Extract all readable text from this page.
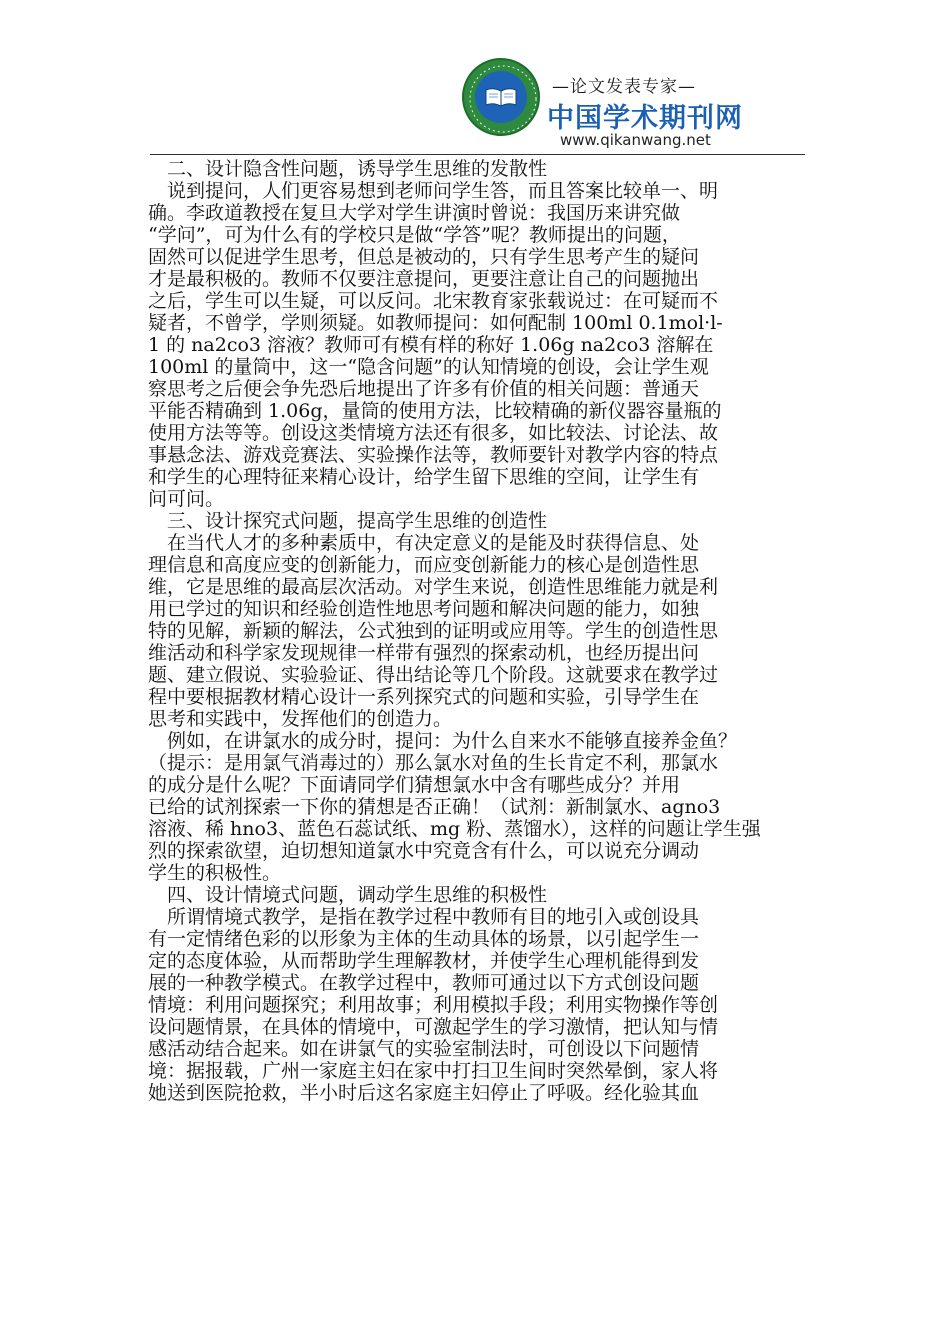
—论文发表专家—
中国学术期刊网
www.qikanwang.net
　二、设计隐含性问题，诱导学生思维的发散性
　说到提问，人们更容易想到老师问学生答，而且答案比较单一、明
确。李政道教授在复旦大学对学生讲演时曾说：我国历来讲究做
“学问”，可为什么有的学校只是做“学答”呢？教师提出的问题，
固然可以促进学生思考，但总是被动的，只有学生思考产生的疑问
才是最积极的。教师不仅要注意提问，更要注意让自己的问题抛出
之后，学生可以生疑，可以反问。北宋教育家张载说过：在可疑而不
疑者，不曾学，学则须疑。如教师提问：如何配制 100ml 0.1mol·l-
1 的 na2co3 溶液？教师可有模有样的称好 1.06g na2co3 溶解在
100ml 的量筒中，这一“隐含问题”的认知情境的创设，会让学生观
察思考之后便会争先恐后地提出了许多有价值的相关问题：普通天
平能否精确到 1.06g，量筒的使用方法，比较精确的新仪器容量瓶的
使用方法等等。创设这类情境方法还有很多，如比较法、讨论法、故
事悬念法、游戏竞赛法、实验操作法等，教师要针对教学内容的特点
和学生的心理特征来精心设计，给学生留下思维的空间，让学生有
问可问。
　三、设计探究式问题，提高学生思维的创造性
　在当代人才的多种素质中，有决定意义的是能及时获得信息、处
理信息和高度应变的创新能力，而应变创新能力的核心是创造性思
维，它是思维的最高层次活动。对学生来说，创造性思维能力就是利
用已学过的知识和经验创造性地思考问题和解决问题的能力，如独
特的见解，新颖的解法，公式独到的证明或应用等。学生的创造性思
维活动和科学家发现规律一样带有强烈的探索动机，也经历提出问
题、建立假说、实验验证、得出结论等几个阶段。这就要求在教学过
程中要根据教材精心设计一系列探究式的问题和实验，引导学生在
思考和实践中，发挥他们的创造力。
　例如，在讲氯水的成分时，提问：为什么自来水不能够直接养金鱼？
（提示：是用氯气消毒过的）那么氯水对鱼的生长肯定不利，那氯水
的成分是什么呢？下面请同学们猜想氯水中含有哪些成分？并用
已给的试剂探索一下你的猜想是否正确！（试剂：新制氯水、agno3
溶液、稀 hno3、蓝色石蕊试纸、mg 粉、蒸馏水），这样的问题让学生强
烈的探索欲望，迫切想知道氯水中究竟含有什么，可以说充分调动
学生的积极性。
　四、设计情境式问题，调动学生思维的积极性
　所谓情境式教学，是指在教学过程中教师有目的地引入或创设具
有一定情绪色彩的以形象为主体的生动具体的场景，以引起学生一
定的态度体验，从而帮助学生理解教材，并使学生心理机能得到发
展的一种教学模式。在教学过程中，教师可通过以下方式创设问题
情境：利用问题探究；利用故事；利用模拟手段；利用实物操作等创
设问题情景，在具体的情境中，可激起学生的学习激情，把认知与情
感活动结合起来。如在讲氯气的实验室制法时，可创设以下问题情
境：据报载，广州一家庭主妇在家中打扫卫生间时突然晕倒，家人将
她送到医院抢救，半小时后这名家庭主妇停止了呼吸。经化验其血
